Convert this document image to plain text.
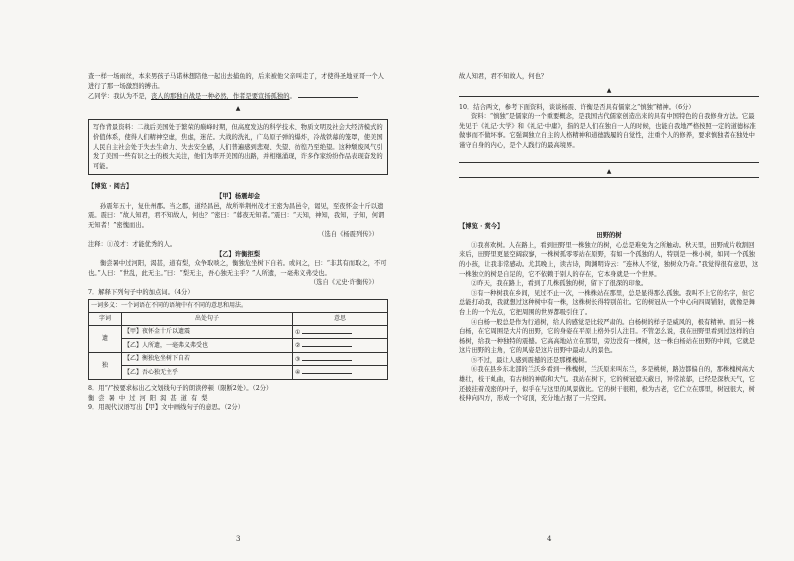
查一样一场雨丝，本来男孩子马诺林想陪他一起出去捕鱼的，后来被他父亲叫走了，才使得圣地亚哥一个人进行了那一场激烈的搏击。

乙同学：我认为不是，丧人的那独自战是一种必然，作者是要宣扬孤独的。

▲

写作背景资料：二战后美国处于繁荣的巅峰时期，但高度发达的科学技术、物质文明及社会大经济模式的价值体系，使得人们精神空虚，焦虑，迷茫。大战的洗礼，广岛原子弹的爆炸，冷战铁幕的笼罩，使美国人民自主社会处于失去生命力、失去安全感，人们普遍感到悲观、失望、彷徨乃至绝望。这种颓废风气引发了美国一些有识之士的极大关注，他们为率开美国的出路，并相继涌现，许多作家纷纷作品表现奋发的可能。

【博览 · 阅古】

【甲】杨震却金

孙震年五十，复仕州郡。当之郡，道经昌邑，故所举荆州茂才王密为昌邑令，谒见，至夜怀金十斤以遗震。震曰：“故人知君，君不知故人，何也？”密曰：“暮夜无知者。”震曰：“天知，神知，我知，子知，何谓无知者！”密愧而出。

（选自《杨震列传》）

注释：①茂才：才能优秀的人。

【乙】许衡拒梨

衡尝暑中过河阳，渴甚，道有梨，众争取啖之，衡独危坐树下自若。或问之，曰：“非其有而取之，不可也。”人曰：“世乱，此无主。”曰：“梨无主，吾心独无主乎？”人所遗，一毫弗义弗受也。

（选自《元史·许衡传》）

7．解释下列句子中的加点词。（4分）

一词多义：一个词语在不同的语境中有不同的意思和用法。		
字词	出处句子	意思
遗	【甲】夜怀金十斤以遗震	①
	【乙】人所遗，一毫弗义弗受也	②
独	【乙】衡独危坐树下自若	③
	【乙】吾心独无主乎	④

8．用“/”按要求标出乙文划线句子的朗读停顿（限断2处）。（2分）

衡 尝 暑 中 过 河 阳 渴 甚 道 有 梨

9．用现代汉语写出【甲】文中画线句子的意思。（2分）

3

故人知君，君不知故人，何也？

▲

10．结合两文，参考下面资料，谈谈杨震、许衡是否具有儒家之“慎独”精神。（6分）

资料：“慎独”是儒家的一个重要概念，是我国古代儒家创造出来的具有中国特色的自我修身方法。它最先见于《礼记·大学》和《礼记·中庸》，指的是人们在独自一人的时候，也能自我地严格按照一定的道德标准做事而不做坏事。它强调独立自主的人格精神和道德践履的自觉性，注重个人的修养，要求慎独者在独处中谨守自身的内心，是个人践行的最高境界。

▲

【博览 · 赏今】

田野的树

①我喜欢树。人在路上，看到田野里一株独立的树，心总是难免为之所触动。秋天里，田野成片收割回来后，田野里更显空阔寂寥，一株树孤零零站在原野，有如一个孤独的人，特别是一株小树，如同一个孤独的小孩，让我非常感动。尤其晚上，读古诗，陶渊明诗云：“连林人不觉，独树众乃奇。”我觉得很有意思，这一株独立的树是自足的，它不依赖于别人的存在，它本身就是一个世界。

②昨天，我在路上，看到了几株孤独的树，留下了很深的印象。

③有一种树我在乡间，见过不止一次，一株株站在那里，总是显得那么孤独。我叫不上它的名字，但它总能打动我，我就想过这种树中有一株，这株树长得特别茁壮。它的树冠从一个中心向四周铺射，就像是舞台上的一个光点，它把周围的世界都吸引住了。

④白杨一般总是作为行道树，给人的感觉是比较严肃的。白杨树的样子是威风的，极有精神。而另一株白杨，在它周围是大片的田野，它的身姿在平原上格外引人注目。不管怎么说，我在田野里看到过这样的白杨树，给我一种独特的震撼。它高高地站立在那里，旁边没有一棵树，这一株白杨站在田野的中间，它就是这片田野的主角，它的风姿是这片田野中最动人的景色。

⑤不过，最让人感到震撼的还是那棵槐树。

⑥我在县乡东北部的兰沃乡看到一株槐树，兰沃原来叫东兰，多是桃树，路边都偏自的，那株槐树高大雄壮，枝干虬曲，有古树的神韵和大气。我站在树下，它的树冠遮天蔽日，异常浓郁，已经是深秋天气，它还披挂着茂密的叶子，似乎在与这里的风景做比。它的树干很粗，极为古老，它伫立在那里，树冠很大，树枝伸向四方，形成一个穹顶，充分地占据了一片空间。

4
